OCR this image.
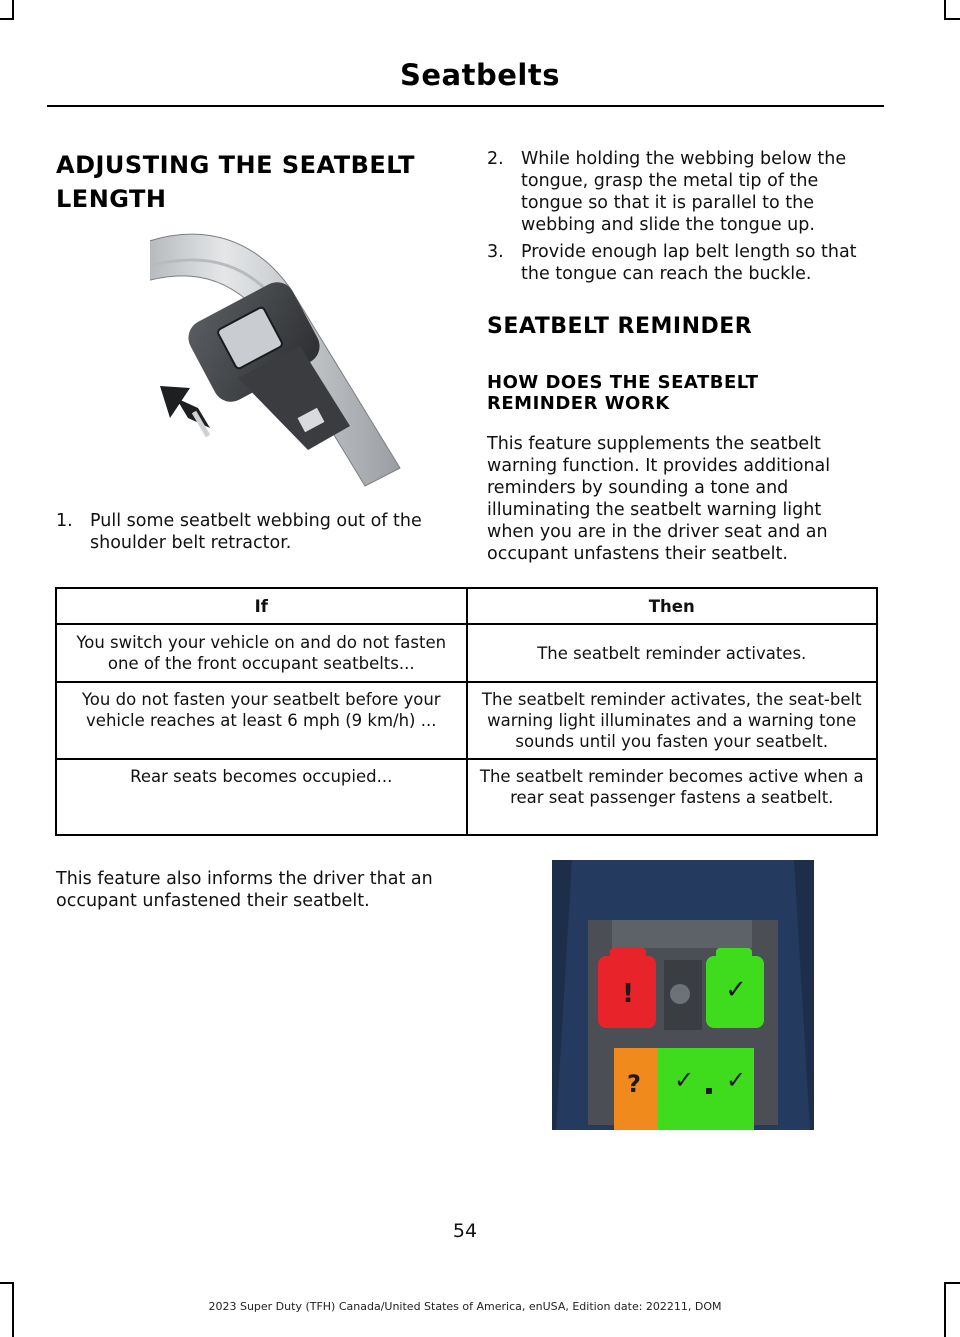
Seatbelts
ADJUSTING THE SEATBELT
LENGTH
1. Pull some seatbelt webbing out of the shoulder belt retractor.
2. While holding the webbing below the tongue, grasp the metal tip of the tongue so that it is parallel to the webbing and slide the tongue up.
3. Provide enough lap belt length so that the tongue can reach the buckle.
SEATBELT REMINDER
HOW DOES THE SEATBELT REMINDER WORK
This feature supplements the seatbelt warning function. It provides additional reminders by sounding a tone and illuminating the seatbelt warning light when you are in the driver seat and an occupant unfastens their seatbelt.
If	Then
You switch your vehicle on and do not fasten one of the front occupant seatbelts...	The seatbelt reminder activates.
You do not fasten your seatbelt before your vehicle reaches at least 6 mph (9 km/h) ...	The seatbelt reminder activates, the seat-belt warning light illuminates and a warning tone sounds until you fasten your seatbelt.
Rear seats becomes occupied...	The seatbelt reminder becomes active when a rear seat passenger fastens a seatbelt.
This feature also informs the driver that an occupant unfastened their seatbelt.
!	✓
? ✓ ✓
54
2023 Super Duty (TFH) Canada/United States of America, enUSA, Edition date: 202211, DOM
